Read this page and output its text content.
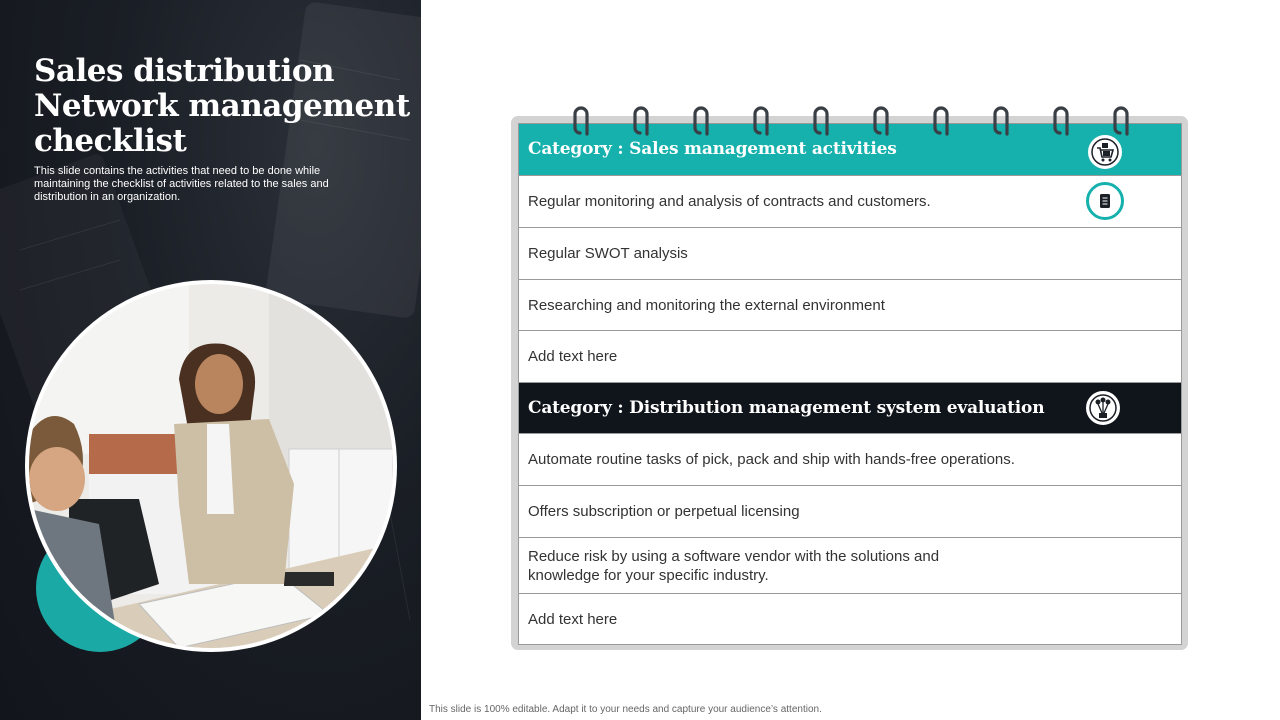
Sales distribution Network management checklist

This slide contains the activities that need to be done while maintaining the checklist of activities related to the sales and distribution in an organization.

This slide is 100% editable. Adapt it to your needs and capture your audience’s attention.

Category : Sales management activities
Regular monitoring and analysis of contracts and customers.
Regular SWOT analysis
Researching and monitoring the external environment
Add text here
Category : Distribution management system evaluation
Automate routine tasks of pick, pack and ship with hands-free operations.
Offers subscription or perpetual licensing
Reduce risk by using a software vendor with the solutions and knowledge for your specific industry.
Add text here
